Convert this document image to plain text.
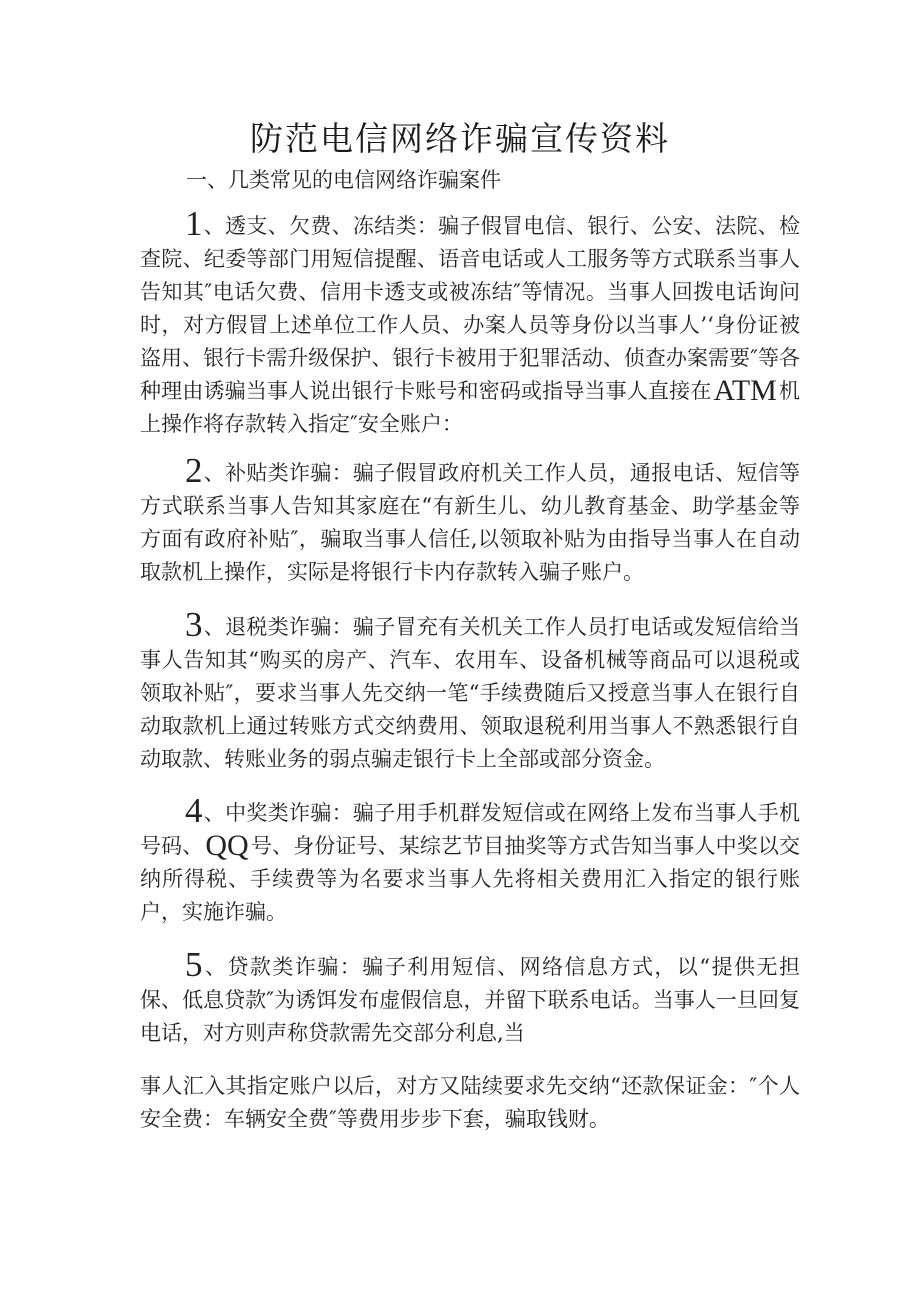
防范电信网络诈骗宣传资料
一、几类常见的电信网络诈骗案件
1、透支、欠费、冻结类：骗子假冒电信、银行、公安、法院、检查院、纪委等部门用短信提醒、语音电话或人工服务等方式联系当事人告知其″电话欠费、信用卡透支或被冻结″等情况。当事人回拨电话询问时，对方假冒上述单位工作人员、办案人员等身份以当事人’‘身份证被盗用、银行卡需升级保护、银行卡被用于犯罪活动、侦查办案需要″等各种理由诱骗当事人说出银行卡账号和密码或指导当事人直接在ATM机上操作将存款转入指定″安全账户：
2、补贴类诈骗：骗子假冒政府机关工作人员，通报电话、短信等方式联系当事人告知其家庭在“有新生儿、幼儿教育基金、助学基金等方面有政府补贴″，骗取当事人信任,以领取补贴为由指导当事人在自动取款机上操作，实际是将银行卡内存款转入骗子账户。
3、退税类诈骗：骗子冒充有关机关工作人员打电话或发短信给当事人告知其“购买的房产、汽车、农用车、设备机械等商品可以退税或领取补贴″，要求当事人先交纳一笔“手续费随后又授意当事人在银行自动取款机上通过转账方式交纳费用、领取退税利用当事人不熟悉银行自动取款、转账业务的弱点骗走银行卡上全部或部分资金。
4、中奖类诈骗：骗子用手机群发短信或在网络上发布当事人手机号码、QQ号、身份证号、某综艺节目抽奖等方式告知当事人中奖以交纳所得税、手续费等为名要求当事人先将相关费用汇入指定的银行账户，实施诈骗。
5、贷款类诈骗：骗子利用短信、网络信息方式，以“提供无担保、低息贷款″为诱饵发布虚假信息，并留下联系电话。当事人一旦回复电话，对方则声称贷款需先交部分利息,当
事人汇入其指定账户以后，对方又陆续要求先交纳“还款保证金：″个人安全费：车辆安全费″等费用步步下套，骗取钱财。
